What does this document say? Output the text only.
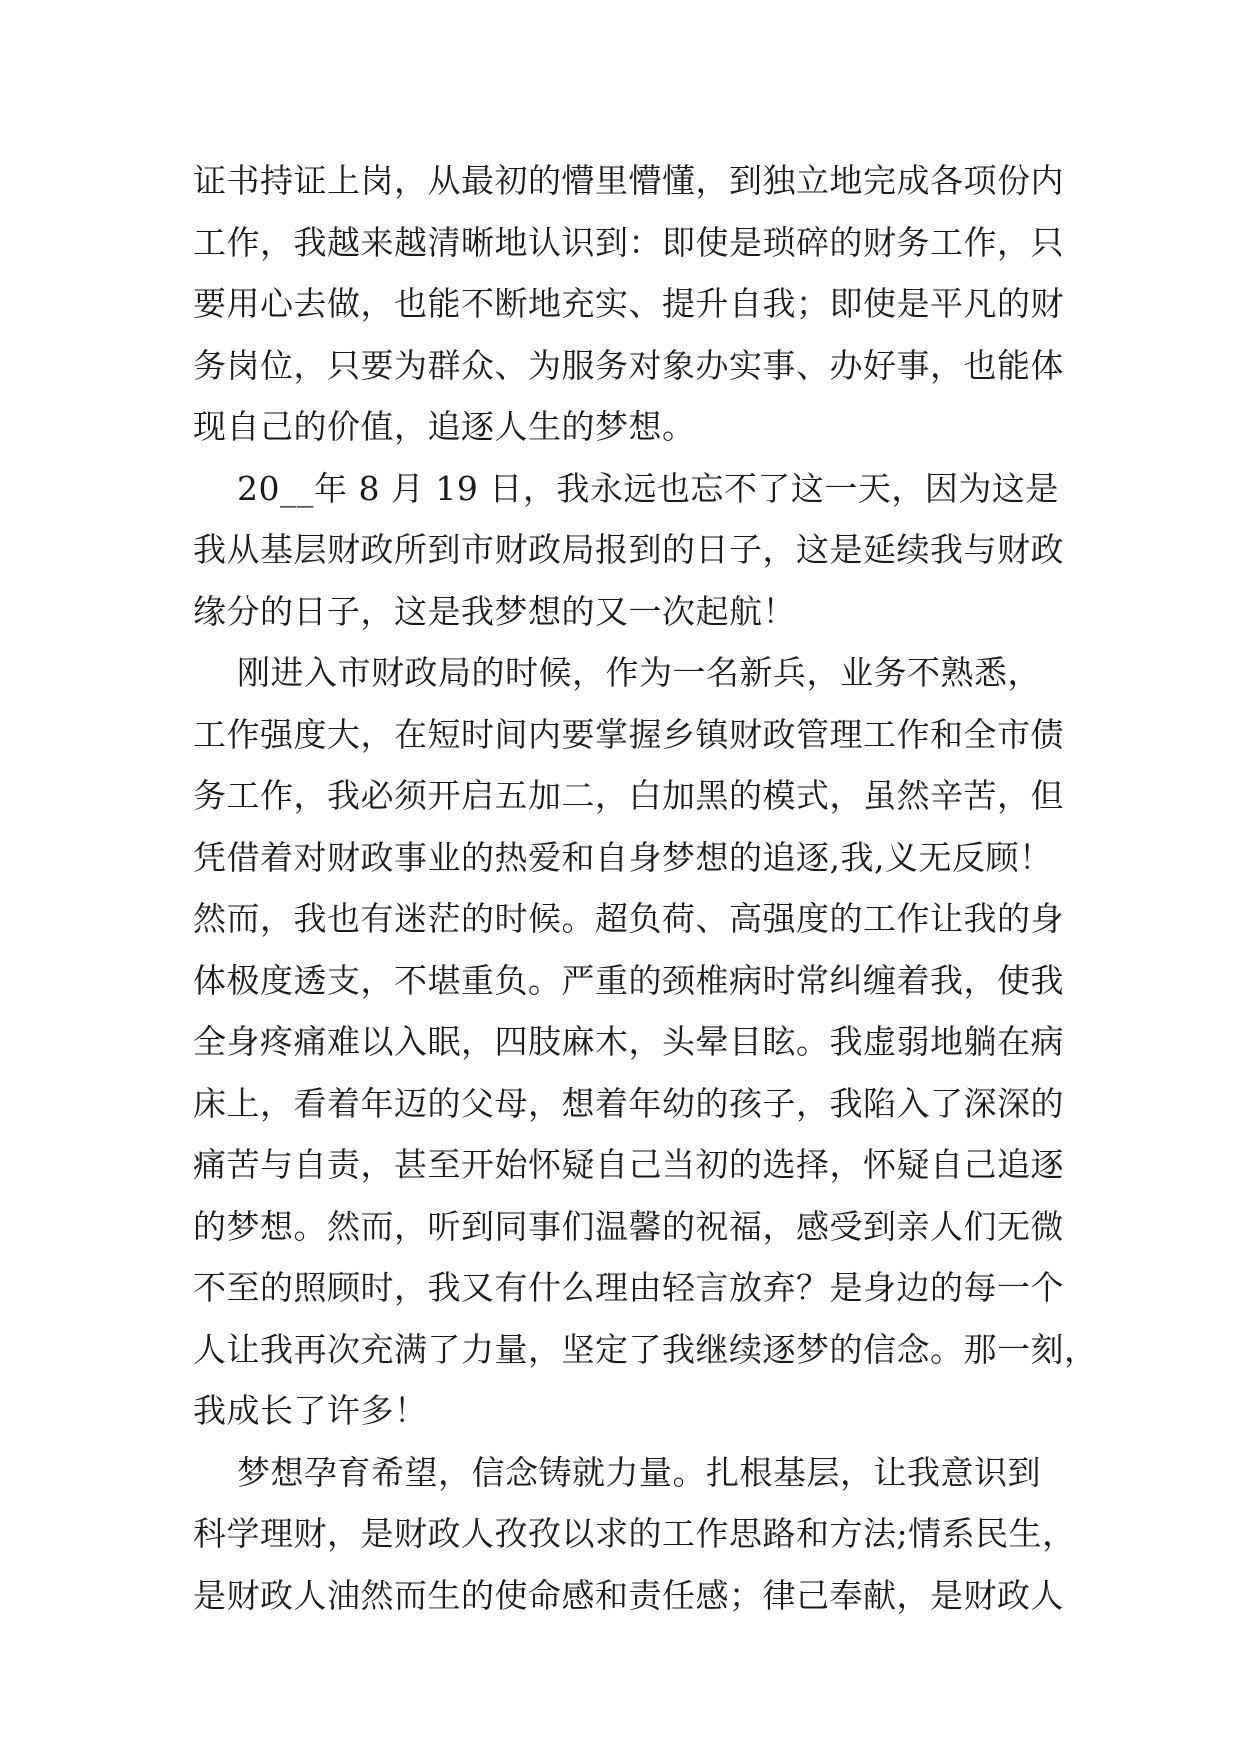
证书持证上岗，从最初的懵里懵懂，到独立地完成各项份内
工作，我越来越清晰地认识到：即使是琐碎的财务工作，只
要用心去做，也能不断地充实、提升自我；即使是平凡的财
务岗位，只要为群众、为服务对象办实事、办好事，也能体
现自己的价值，追逐人生的梦想。
20__年 8 月 19 日，我永远也忘不了这一天，因为这是
我从基层财政所到市财政局报到的日子，这是延续我与财政
缘分的日子，这是我梦想的又一次起航！
刚进入市财政局的时候，作为一名新兵，业务不熟悉，
工作强度大，在短时间内要掌握乡镇财政管理工作和全市债
务工作，我必须开启五加二，白加黑的模式，虽然辛苦，但
凭借着对财政事业的热爱和自身梦想的追逐,我,义无反顾！
然而，我也有迷茫的时候。超负荷、高强度的工作让我的身
体极度透支，不堪重负。严重的颈椎病时常纠缠着我，使我
全身疼痛难以入眠，四肢麻木，头晕目眩。我虚弱地躺在病
床上，看着年迈的父母，想着年幼的孩子，我陷入了深深的
痛苦与自责，甚至开始怀疑自己当初的选择，怀疑自己追逐
的梦想。然而，听到同事们温馨的祝福，感受到亲人们无微
不至的照顾时，我又有什么理由轻言放弃？是身边的每一个
人让我再次充满了力量，坚定了我继续逐梦的信念。那一刻，
我成长了许多！
梦想孕育希望，信念铸就力量。扎根基层，让我意识到
科学理财，是财政人孜孜以求的工作思路和方法;情系民生，
是财政人油然而生的使命感和责任感；律己奉献，是财政人
